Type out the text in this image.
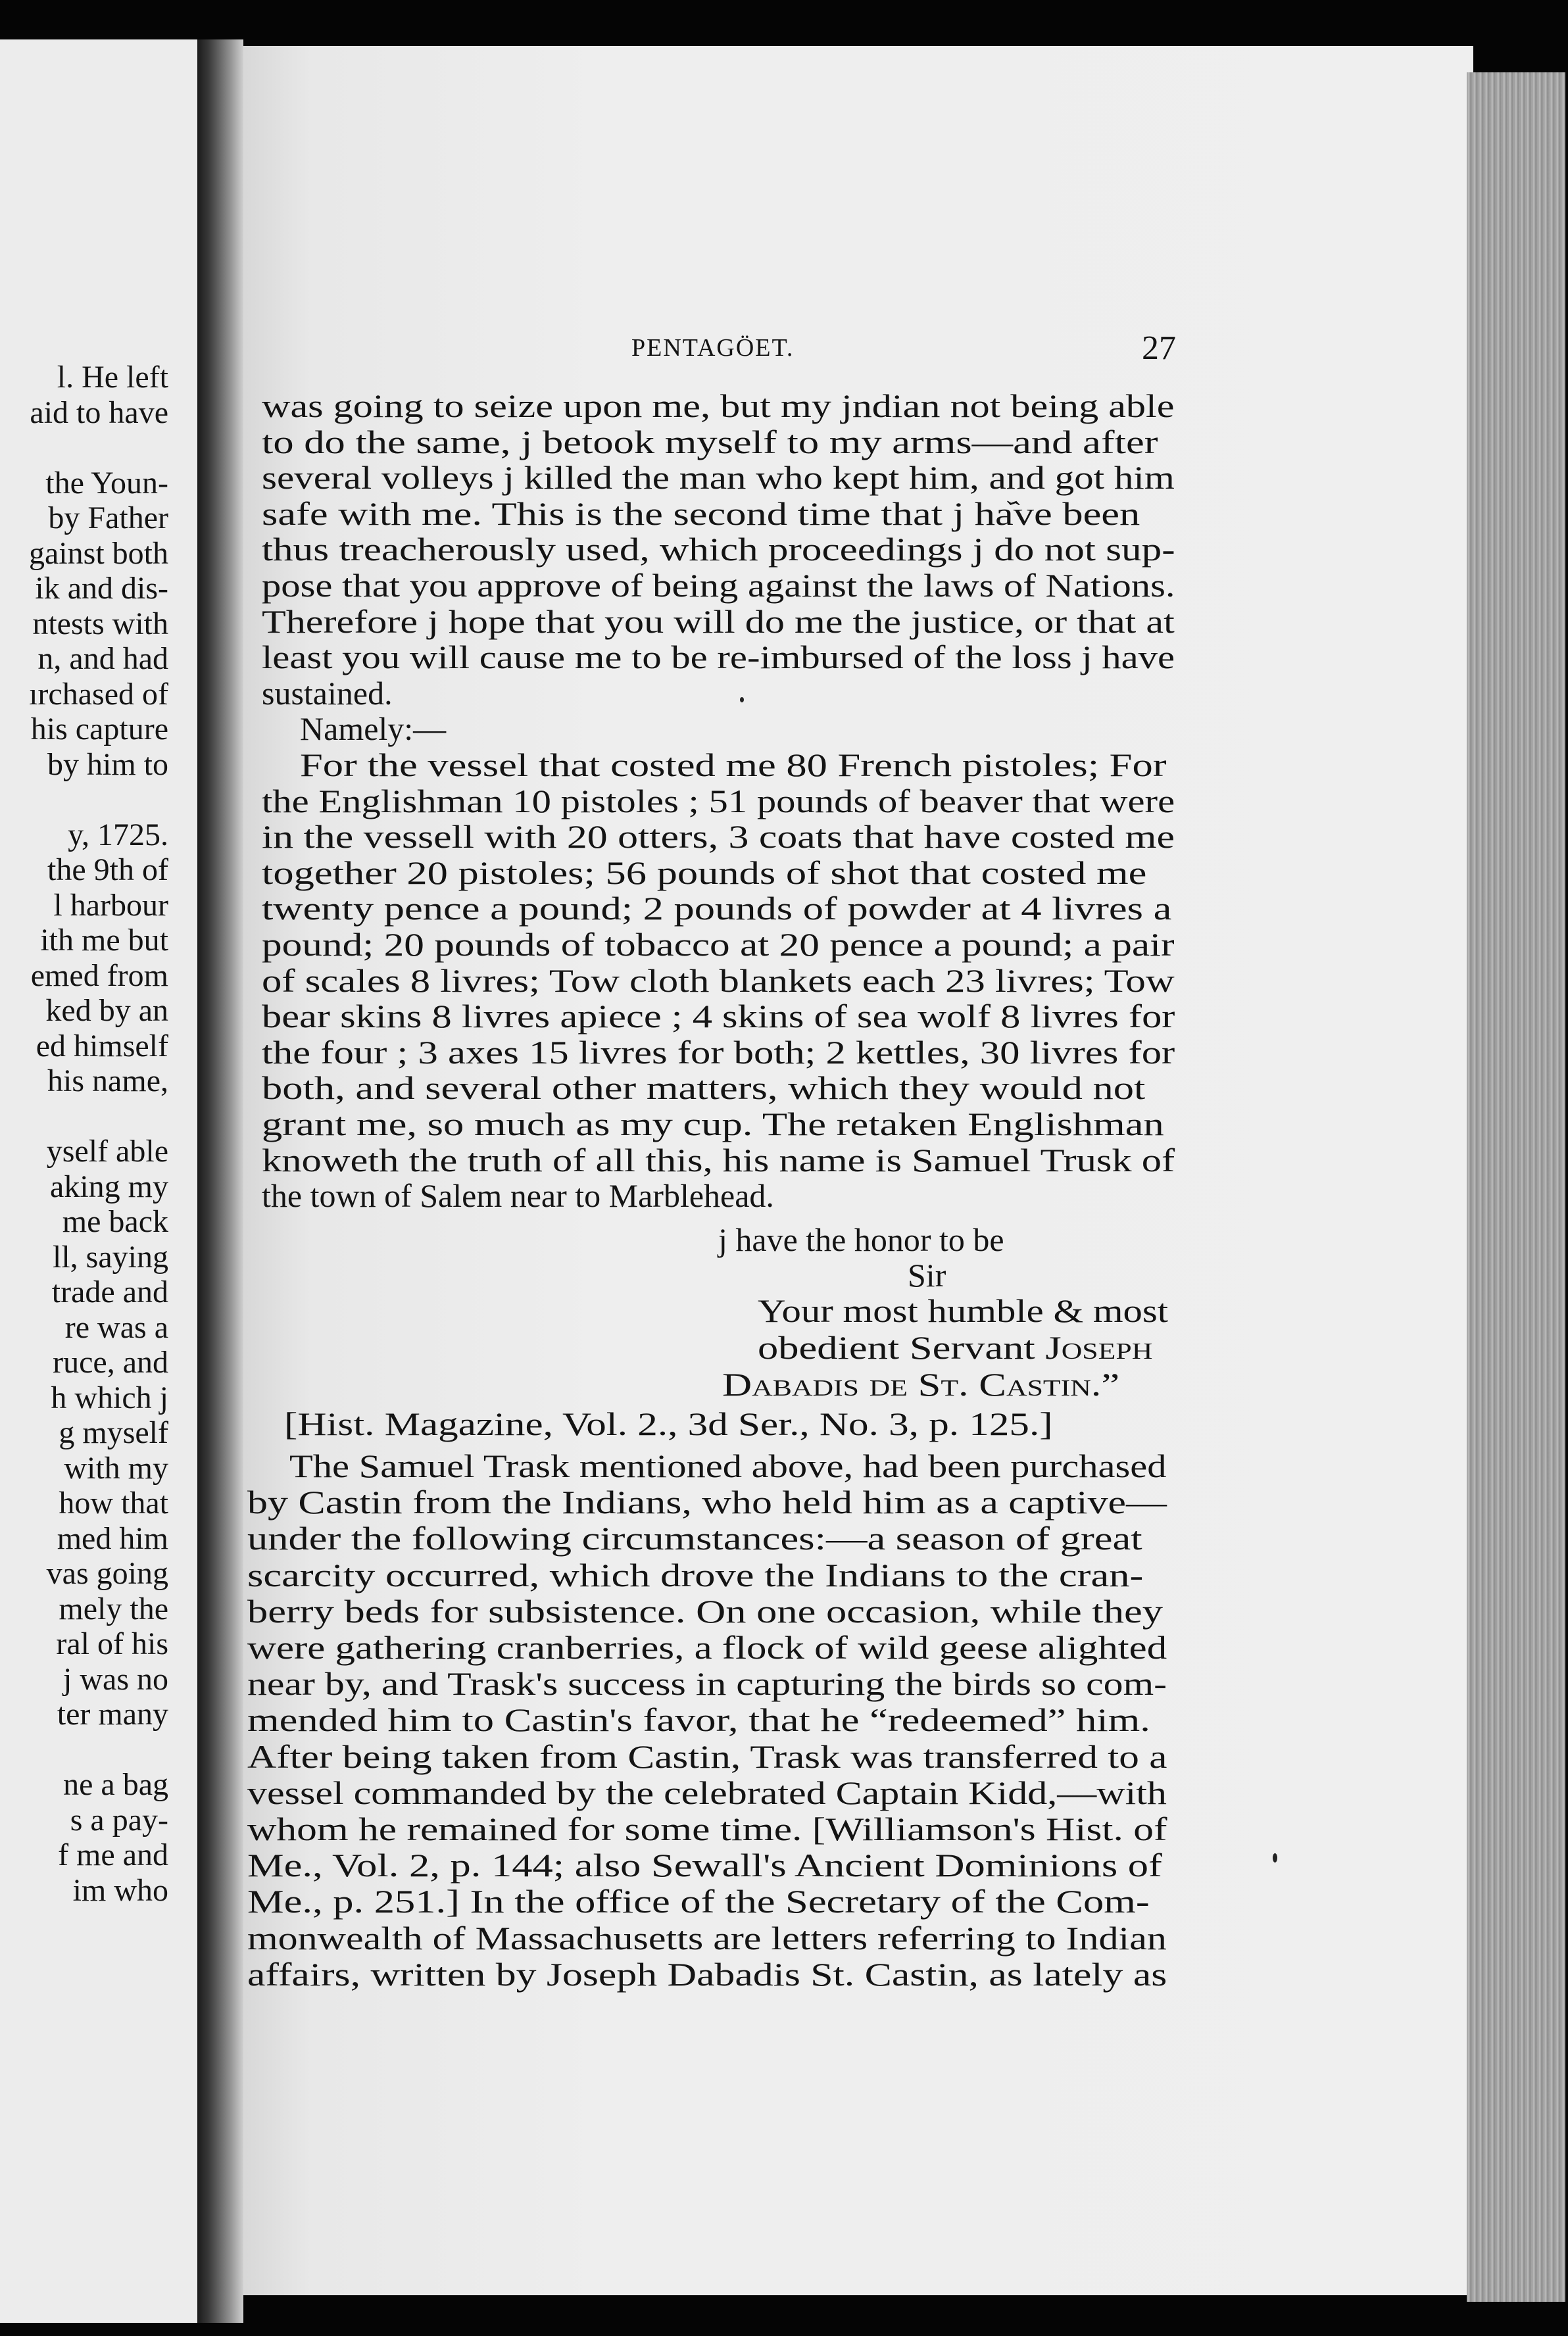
l. He left
aid to have
the Youn-
by Father
gainst both
ik and dis-
ntests with
n, and had
ırchased of
his capture
by him to
y, 1725.
the 9th of
l harbour
ith me but
emed from
ked by an
ed himself
his name,
yself able
aking my
me back
ll, saying
trade and
re was a
ruce, and
h which j
g myself
with my
how that
med him
vas going
mely the
ral of his
j was no
ter many
ne a bag
s a pay-
f me and
im who
PENTAGÖET.	27
was going to seize upon me, but my jndian not being able
to do the same, j betook myself to my arms—and after
several volleys j killed the man who kept him, and got him
safe with me. This is the second time that j ha᷈ve been
thus treacherously used, which proceedings j do not sup-
pose that you approve of being against the laws of Nations.
Therefore j hope that you will do me the justice, or that at
least you will cause me to be re-imbursed of the loss j have
sustained.
Namely:—
For the vessel that costed me 80 French pistoles; For
the Englishman 10 pistoles ; 51 pounds of beaver that were
in the vessell with 20 otters, 3 coats that have costed me
together 20 pistoles; 56 pounds of shot that costed me
twenty pence a pound; 2 pounds of powder at 4 livres a
pound; 20 pounds of tobacco at 20 pence a pound; a pair
of scales 8 livres; Tow cloth blankets each 23 livres; Tow
bear skins 8 livres apiece ; 4 skins of sea wolf 8 livres for
the four ; 3 axes 15 livres for both; 2 kettles, 30 livres for
both, and several other matters, which they would not
grant me, so much as my cup. The retaken Englishman
knoweth the truth of all this, his name is Samuel Trusk of
the town of Salem near to Marblehead.
j have the honor to be
Sir
Your most humble & most
obedient Servant Joseph
Dabadis de St. Castin.”
[Hist. Magazine, Vol. 2., 3d Ser., No. 3, p. 125.]
The Samuel Trask mentioned above, had been purchased
by Castin from the Indians, who held him as a captive—
under the following circumstances:—a season of great
scarcity occurred, which drove the Indians to the cran-
berry beds for subsistence. On one occasion, while they
were gathering cranberries, a flock of wild geese alighted
near by, and Trask's success in capturing the birds so com-
mended him to Castin's favor, that he “redeemed” him.
After being taken from Castin, Trask was transferred to a
vessel commanded by the celebrated Captain Kidd,—with
whom he remained for some time. [Williamson's Hist. of
Me., Vol. 2, p. 144; also Sewall's Ancient Dominions of
Me., p. 251.] In the office of the Secretary of the Com-
monwealth of Massachusetts are letters referring to Indian
affairs, written by Joseph Dabadis St. Castin, as lately as
